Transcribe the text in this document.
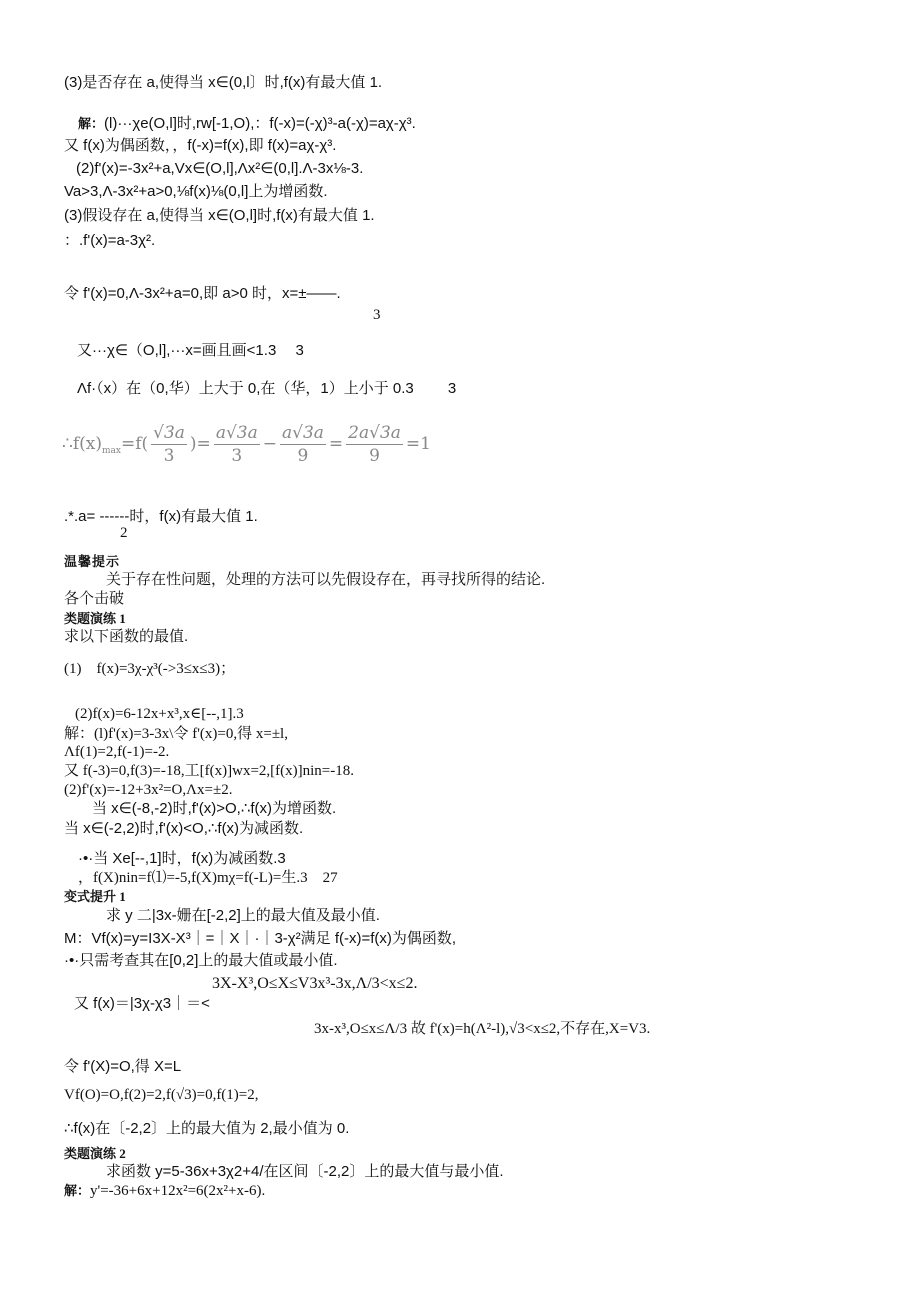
(3)是否存在 a,使得当 x∈(0,l〕时,f(x)有最大值 1.
解：(l)···χe(O,l]时,rw[-1,O),：f(-x)=(-χ)³-a(-χ)=aχ-χ³.
又 f(x)为偶函数，，f(-x)=f(x),即 f(x)=aχ-χ³.
(2)f'(x)=-3x²+a,Vx∈(O,l],Λx²∈(0,l].Λ-3x⅛-3.
Va>3,Λ-3x²+a>0,⅛f(x)⅛(0,l]上为增函数.
(3)假设存在 a,使得当 x∈(O,l]时,f(x)有最大值 1.
：.f'(x)=a-3χ².
令 f'(x)=0,Λ-3x²+a=0,即 a>0 时，x=±——.
3
又···χ∈（O,l],···x=画且画<1.3　 3
Λf·（x）在（0,华）上大于 0,在（华，1）上小于 0.3　　 3
∴f(x) $\max =f( \frac{√3a}{3}$ )= $\frac{a√3a}{3} - \frac{a√3a}{9} = \frac{2a√3a}{9} =1$
.*.a= ------时，f(x)有最大值 1.
2
温馨提示
关于存在性问题，处理的方法可以先假设存在，再寻找所得的结论.
各个击破
类题演练 1
求以下函数的最值.
(1)　f(x)=3χ-χ³(->3≤x≤3)；
(2)f(x)=6-12x+x³,x∈[--,1].3
解：(l)f'(x)=3-3x\令 f'(x)=0,得 x=±l,
Λf(1)=2,f(-1)=-2.
又 f(-3)=0,f(3)=-18,工[f(x)]wx=2,[f(x)]nin=-18.
(2)f'(x)=-12+3x²=O,Λx=±2.
当 x∈(-8,-2)时,f'(x)>O,∴f(x)为增函数.
当 x∈(-2,2)时,f'(x)<O,∴f(x)为减函数.
·•·当 Xe[--,1]时，f(x)为减函数.3
，f(X)nin=f⑴=-5,f(X)mχ=f(-L)=生.3　27
变式提升 1
求 y 二|3x-姗在[-2,2]上的最大值及最小值.
M：Vf(x)=y=I3X-X³｜=｜X｜·｜3-χ²满足 f(-x)=f(x)为偶函数,
·•·只需考查其在[0,2]上的最大值或最小值.
3X-X³,O≤X≤V3x³-3x,Λ/3<x≤2.
又 f(x)＝|3χ-χ3｜＝<
3x-x³,O≤x≤Λ/3 故 f'(x)=h(Λ²-l),√3<x≤2,不存在,X=V3.
令 f'(X)=O,得 X=L
Vf(O)=O,f(2)=2,f(√3)=0,f(1)=2,
∴f(x)在〔-2,2〕上的最大值为 2,最小值为 0.
类题演练 2
求函数 y=5-36x+3χ2+4/在区间〔-2,2〕上的最大值与最小值.
解：y'=-36+6x+12x²=6(2x²+x-6).
